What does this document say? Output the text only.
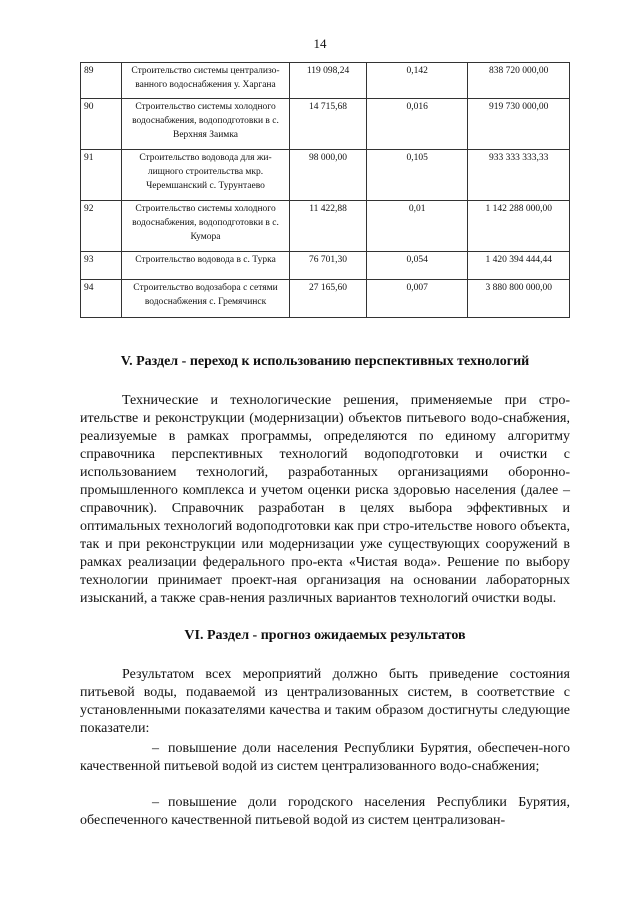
14
89	Строительство системы централизо-ванного водоснабжения у. Харгана	119 098,24	0,142	838 720 000,00
90	Строительство системы холодного водоснабжения, водоподготовки в с. Верхняя Заимка	14 715,68	0,016	919 730 000,00
91	Строительство водовода для жи-лищного строительства мкр. Черемшанский с. Турунтаево	98 000,00	0,105	933 333 333,33
92	Строительство системы холодного водоснабжения, водоподготовки в с. Кумора	11 422,88	0,01	1 142 288 000,00
93	Строительство водовода в с. Турка	76 701,30	0,054	1 420 394 444,44
94	Строительство водозабора с сетями водоснабжения с. Гремячинск	27 165,60	0,007	3 880 800 000,00
V. Раздел - переход к использованию перспективных технологий

Технические и технологические решения, применяемые при стро-ительстве и реконструкции (модернизации) объектов питьевого водо-снабжения, реализуемые в рамках программы, определяются по единому алгоритму справочника перспективных технологий водоподготовки и очистки с использованием технологий, разработанных организациями оборонно-промышленного комплекса и учетом оценки риска здоровью населения (далее – справочник). Справочник разработан в целях выбора эффективных и оптимальных технологий водоподготовки как при стро-ительстве нового объекта, так и при реконструкции или модернизации уже существующих сооружений в рамках реализации федерального про-екта «Чистая вода». Решение по выбору технологии принимает проект-ная организация на основании лабораторных изысканий, а также срав-нения различных вариантов технологий очистки воды.

VI. Раздел - прогноз ожидаемых результатов

Результатом всех мероприятий должно быть приведение состояния питьевой воды, подаваемой из централизованных систем, в соответствие с установленными показателями качества и таким образом достигнуты следующие показатели:

– повышение доли населения Республики Бурятия, обеспечен-ного качественной питьевой водой из систем централизованного водо-снабжения;

– повышение доли городского населения Республики Бурятия, обеспеченного качественной питьевой водой из систем централизован-
